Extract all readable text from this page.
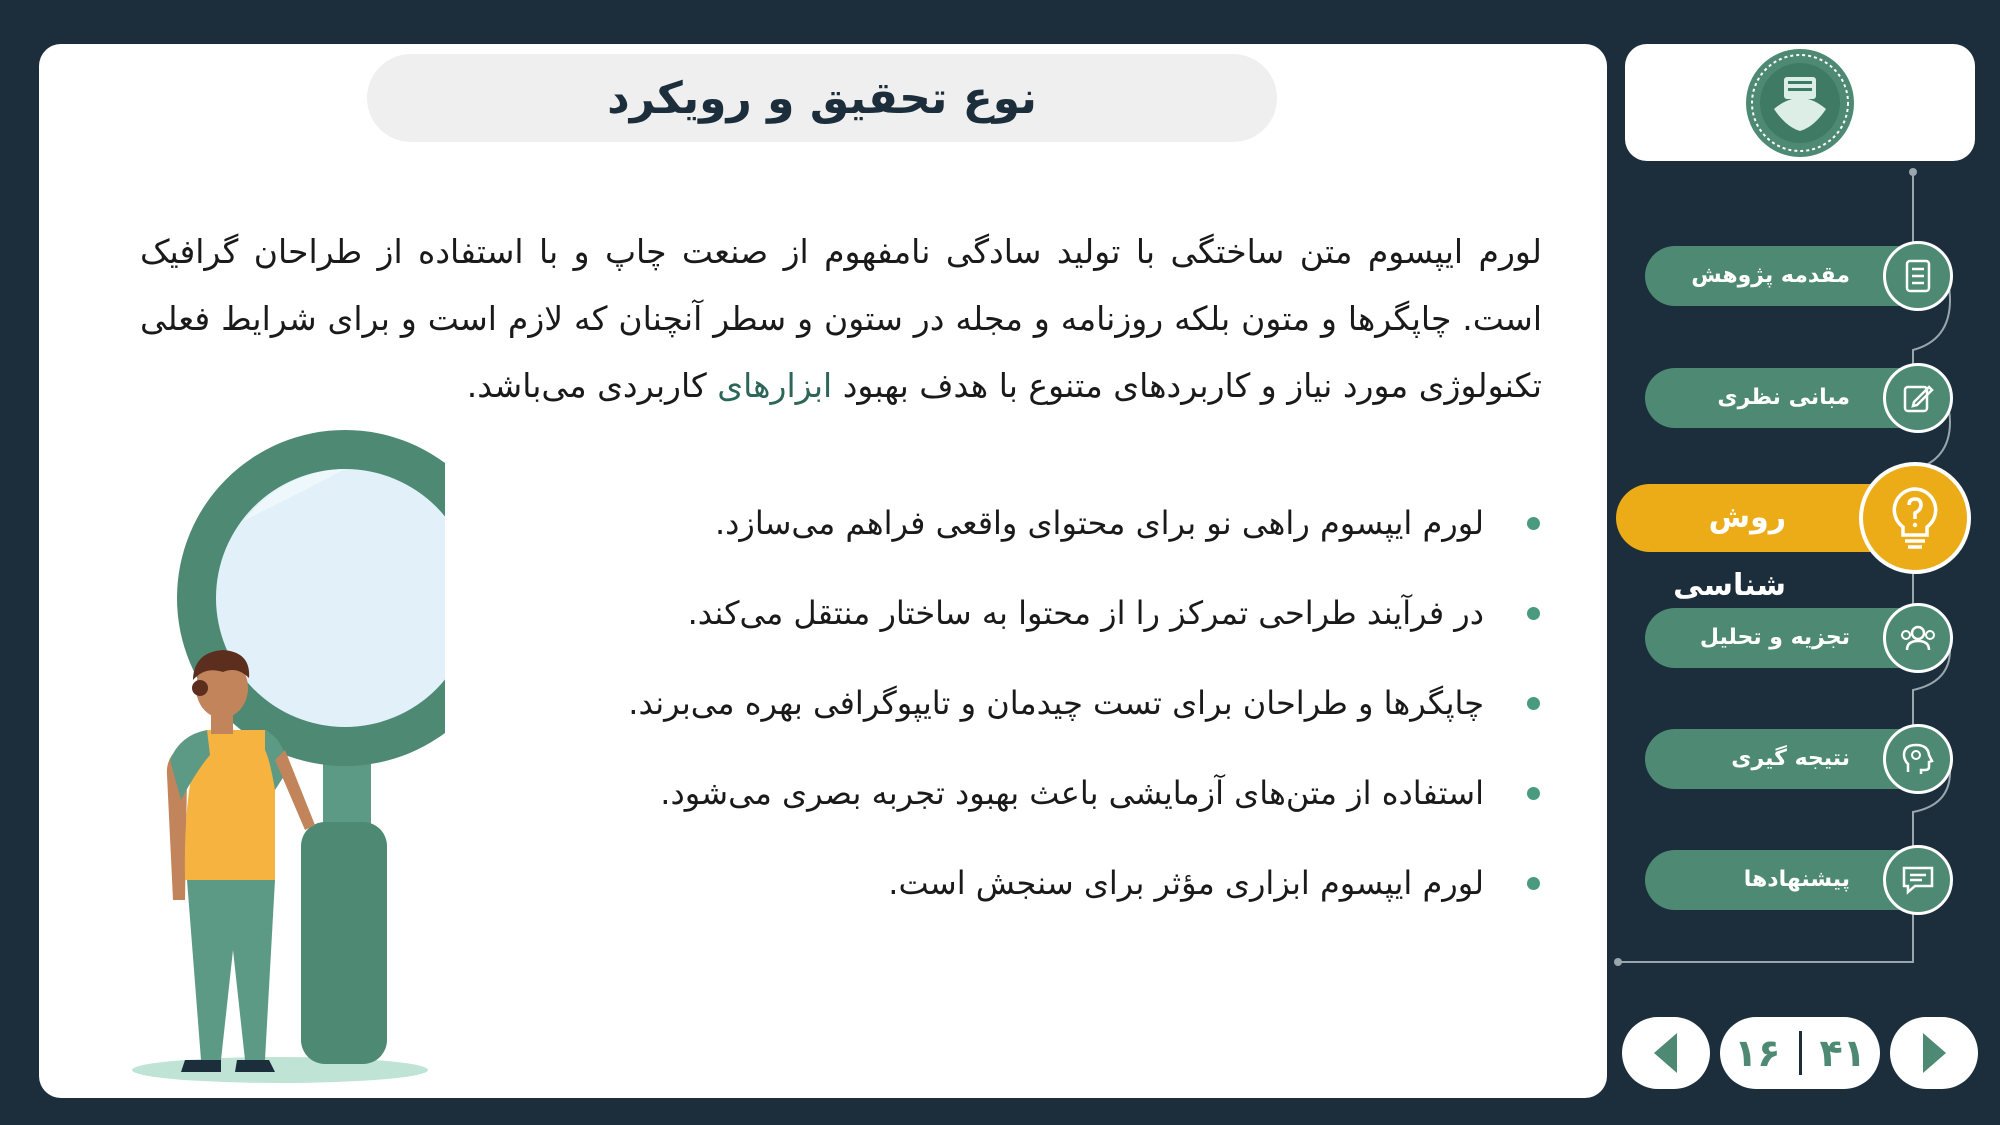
نوع تحقیق و رویکرد
لورم ایپسوم متن ساختگی با تولید سادگی نامفهوم از صنعت چاپ و با استفاده از طراحان گرافیک است. چاپگرها و متون بلکه روزنامه و مجله در ستون و سطر آنچنان که لازم است و برای شرایط فعلی تکنولوژی مورد نیاز و کاربردهای متنوع با هدف بهبود ابزارهای کاربردی می‌باشد.
لورم ایپسوم راهی نو برای محتوای واقعی فراهم می‌سازد.
در فرآیند طراحی تمرکز را از محتوا به ساختار منتقل می‌کند.
چاپگرها و طراحان برای تست چیدمان و تایپوگرافی بهره می‌برند.
استفاده از متن‌های آزمایشی باعث بهبود تجربه بصری می‌شود.
لورم ایپسوم ابزاری مؤثر برای سنجش است.
مقدمه پژوهش
مبانی نظری
روش شناسی
تجزیه و تحلیل
نتیجه گیری
پیشنهادها
۱۶ ۴۱
